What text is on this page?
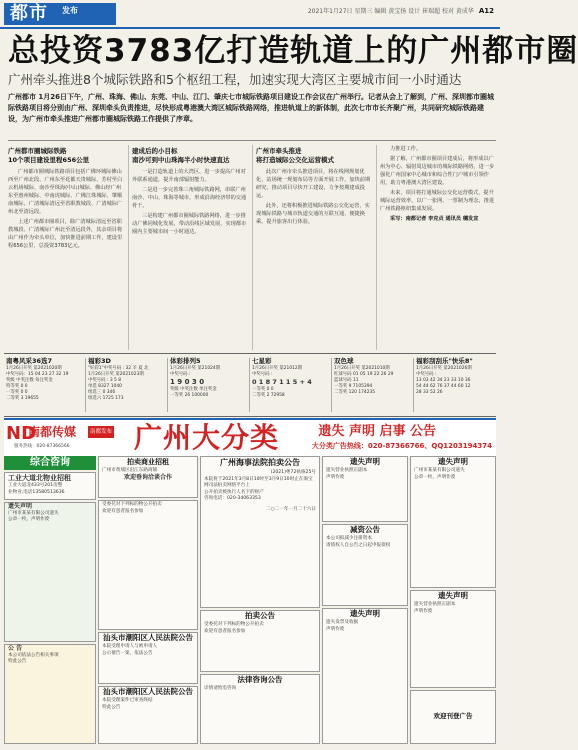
都市 发布	2021年1月27日 星期三 编辑 黄宝扬 设计 崔瑞超 校对 黄成华 A12
总投资3783亿打造轨道上的广州都市圈
广州牵头推进8个城际铁路和5个枢纽工程，加速实现大湾区主要城市间一小时通达
广州都市 1月26日下午，广州、珠海、佛山、东莞、中山、江门、肇庆七市城际铁路项目建设工作会议在广州举行。记者从会上了解到，广州、深圳都市圈城际铁路项目将分别由广州、深圳牵头负责推进，尽快形成粤港澳大湾区城际铁路网络，推进轨道上的新体制，此次七市市长齐聚广州，共同研究城际铁路建设，为广州市牵头推进广州都市圈城际铁路工作提供了序章。
广州都市圈城际铁路
10个项目建设里程656公里
广州都市圈城际铁路项目包括广佛环城际佛山西至广州北段、广州东至花都天贵城际、芳村至白云机场城际、南沙至珠海(中山)城际、佛山经广州东至惠州城际、中南虎城际、广佛江珠城际、肇顺南城际、广清城际清远至省职教城段、广清城际广州北至清远段。
上述广州都市圈项目，除广清城际清远至省职教城段、广清城际广州北至清远段外，其余项目将由广州作为牵头单位，加快推进前期工作，建设里程656公里，总投资3783亿元。
建成后的小目标
南沙可到中山珠海半小时快速直达
一是打造轨道上的大湾区，进一步提高广州对外联系通道，提升南部辐射能力。
二是进一步完善珠三角城际铁路网，串联广州南沙、中山、珠海等城市，形成沿海经济带的交通骨干。
三是构建广州都市圈城际铁路网络，进一步推动广佛同城化发展，带动沿线区域发展，实现都市圈内主要城市间一小时通达。
广州市牵头推进
将打造城际公交化运营模式
此次广州市牵头推进项目，将在线网规划优化、站场统一规划布局等方面开展工作，加快前期研究，推动项目尽快开工建设，力争按期建成投运。
此外，还将积极推进城际铁路公交化运营，实现城际铁路与城市轨道交通的互联互通、便捷换乘，提升旅客出行体验。
力推进工作。
据了解，广州都市圈项目建成后，将形成以广州为中心、辐射周边城市的城际铁路网络，进一步强化广州国家中心城市和综合性门户城市引领作用，助力粤港澳大湾区建设。
未来，项目将打通城际公交化运营模式，提升城际运营效率，以广一张网、一票制为理念，推进广州铁路枢纽集成发展。
采写：南都记者 李克贞 通讯员 穗发宣
南粤风采36选7
1月26日开奖 第2021020期
中奖号码：15 04 23 27 32 19
奖级 中奖注数 每注奖金
特等奖 0 0
一等奖 0 0
二等奖 3 19655
福彩3D
"好彩1"中奖号码 : 32 羊 夏 北
1月26日开奖 第2021023期
中奖号码 : 3 5 8
单选 8327 1040
组选三 0 346
组选六 1725 173
体彩排列5
1月26日开奖 第21024期
中奖号码 :
1 9 0 3 0
奖级 中奖注数 单注奖金
一等奖 26 100000
七星彩
1月26日开奖 第21012期
中奖号码 :
0 1 8 7 1 1 5 + 4
一等奖 0 0
二等奖 2 72958
双色球
1月26日开奖 第2021010期
红球号码 01 05 19 22 26 29
蓝球号码 11
一等奖 9 7105394
二等奖 120 174235
福彩刮刮乐"快乐8"
1月26日开奖 第2021026期
中奖号码 :
13 03 42 34 23 33 10 36
54 44 62 76 37 44 60 12
28 33 52 26
ND
南都传媒
服务热线：020-87366566
南都发布 广州大分类	遗失 声明 启事 公告
大分类广告热线：020-87366766、QQ1203194374
综合咨询
工业大道北物业招租
工业大道北433号201房整
业物业,电话13580513636
遗失声明
广州市某某有限公司遗失
公章一枚，声明作废
公 告
本公司依法公告相关事项
特此公告
拍卖商业招租
广州市黄埔区沿江东路商铺
欢迎垂询洽谈合作
受委托对下列标的物公开拍卖
欢迎有意者报名参加
汕头市潮阳区人民法院公告
本院受理申请人与被申请人
公示催告一案，依法公告
汕头市潮阳区人民法院公告
本院受理案件已审查终结
特此公告
广州海事法院拍卖公告
(2021)粤72执恢25号
本院将于2021年3月8日10时至3月9日10时止在淘宝网司法拍卖网络平台上
公开拍卖被执行人名下的财产
咨询电话：020-34063353
二○二一年一月二十六日
拍卖公告
受委托对下列标的物公开拍卖
欢迎有意者报名参加
法律咨询公告
详情请致电咨询
遗失声明
遗失营业执照正副本
声明作废
减资公告
本公司拟减少注册资本
请债权人自公告之日起申报债权
遗失声明
遗失发票及收据
声明作废
遗失声明
广州市某某有限公司遗失
公章一枚，声明作废
遗失声明
遗失营业执照正副本
声明作废
欢迎刊登广告
